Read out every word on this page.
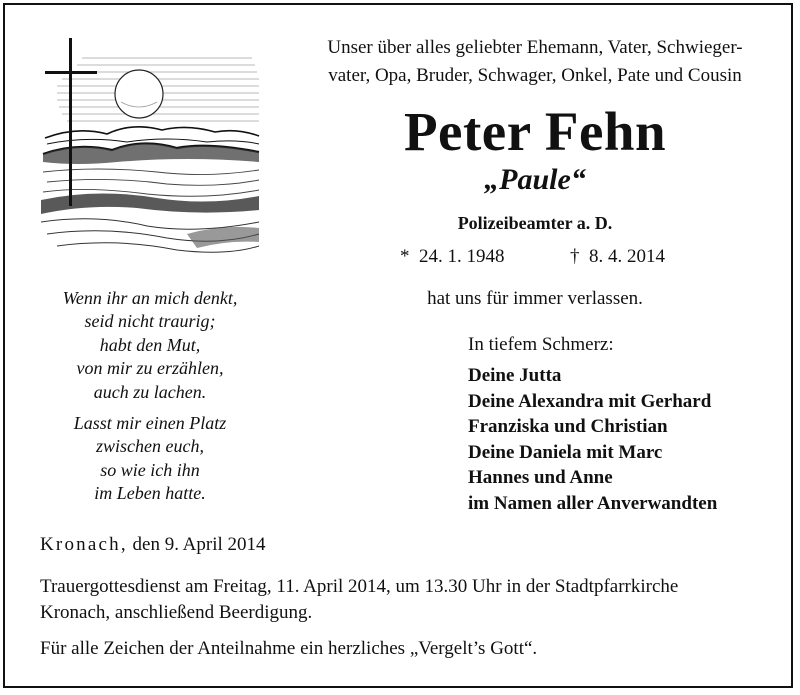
Unser über alles geliebter Ehemann, Vater, Schwieger-
vater, Opa, Bruder, Schwager, Onkel, Pate und Cousin
Peter Fehn
„Paule“
Polizeibeamter a. D.
*  24. 1. 1948	†  8. 4. 2014
hat uns für immer verlassen.
In tiefem Schmerz:
Deine Jutta
Deine Alexandra mit Gerhard
Franziska und Christian
Deine Daniela mit Marc
Hannes und Anne
im Namen aller Anverwandten
Wenn ihr an mich denkt,
seid nicht traurig;
habt den Mut,
von mir zu erzählen,
auch zu lachen.
Lasst mir einen Platz
zwischen euch,
so wie ich ihn
im Leben hatte.
Kronach, den 9. April 2014
Trauergottesdienst am Freitag, 11. April 2014, um 13.30 Uhr in der Stadtpfarrkirche
Kronach, anschließend Beerdigung.
Für alle Zeichen der Anteilnahme ein herzliches „Vergelt’s Gott“.
